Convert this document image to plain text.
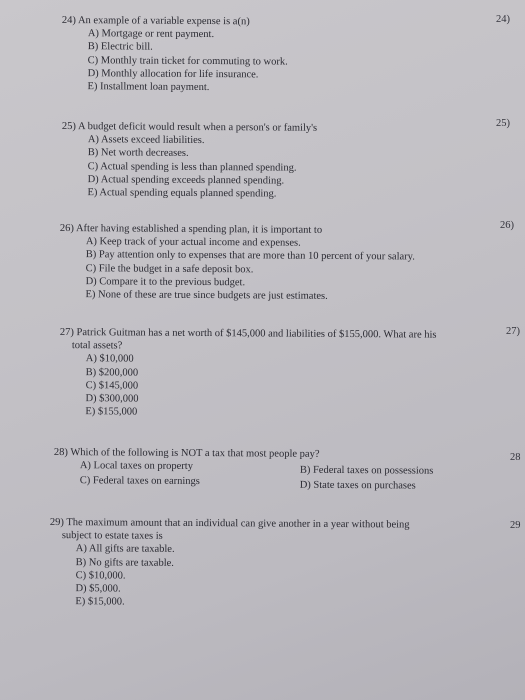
24) An example of a variable expense is a(n)
A) Mortgage or rent payment.
B) Electric bill.
C) Monthly train ticket for commuting to work.
D) Monthly allocation for life insurance.
E) Installment loan payment.
24)
25) A budget deficit would result when a person's or family's
A) Assets exceed liabilities.
B) Net worth decreases.
C) Actual spending is less than planned spending.
D) Actual spending exceeds planned spending.
E) Actual spending equals planned spending.
25)
26) After having established a spending plan, it is important to
A) Keep track of your actual income and expenses.
B) Pay attention only to expenses that are more than 10 percent of your salary.
C) File the budget in a safe deposit box.
D) Compare it to the previous budget.
E) None of these are true since budgets are just estimates.
26)
27) Patrick Guitman has a net worth of $145,000 and liabilities of $155,000. What are his
total assets?
A) $10,000
B) $200,000
C) $145,000
D) $300,000
E) $155,000
27)
28) Which of the following is NOT a tax that most people pay?
A) Local taxes on property	B) Federal taxes on possessions
C) Federal taxes on earnings	D) State taxes on purchases
28
29) The maximum amount that an individual can give another in a year without being
subject to estate taxes is
A) All gifts are taxable.
B) No gifts are taxable.
C) $10,000.
D) $5,000.
E) $15,000.
29
